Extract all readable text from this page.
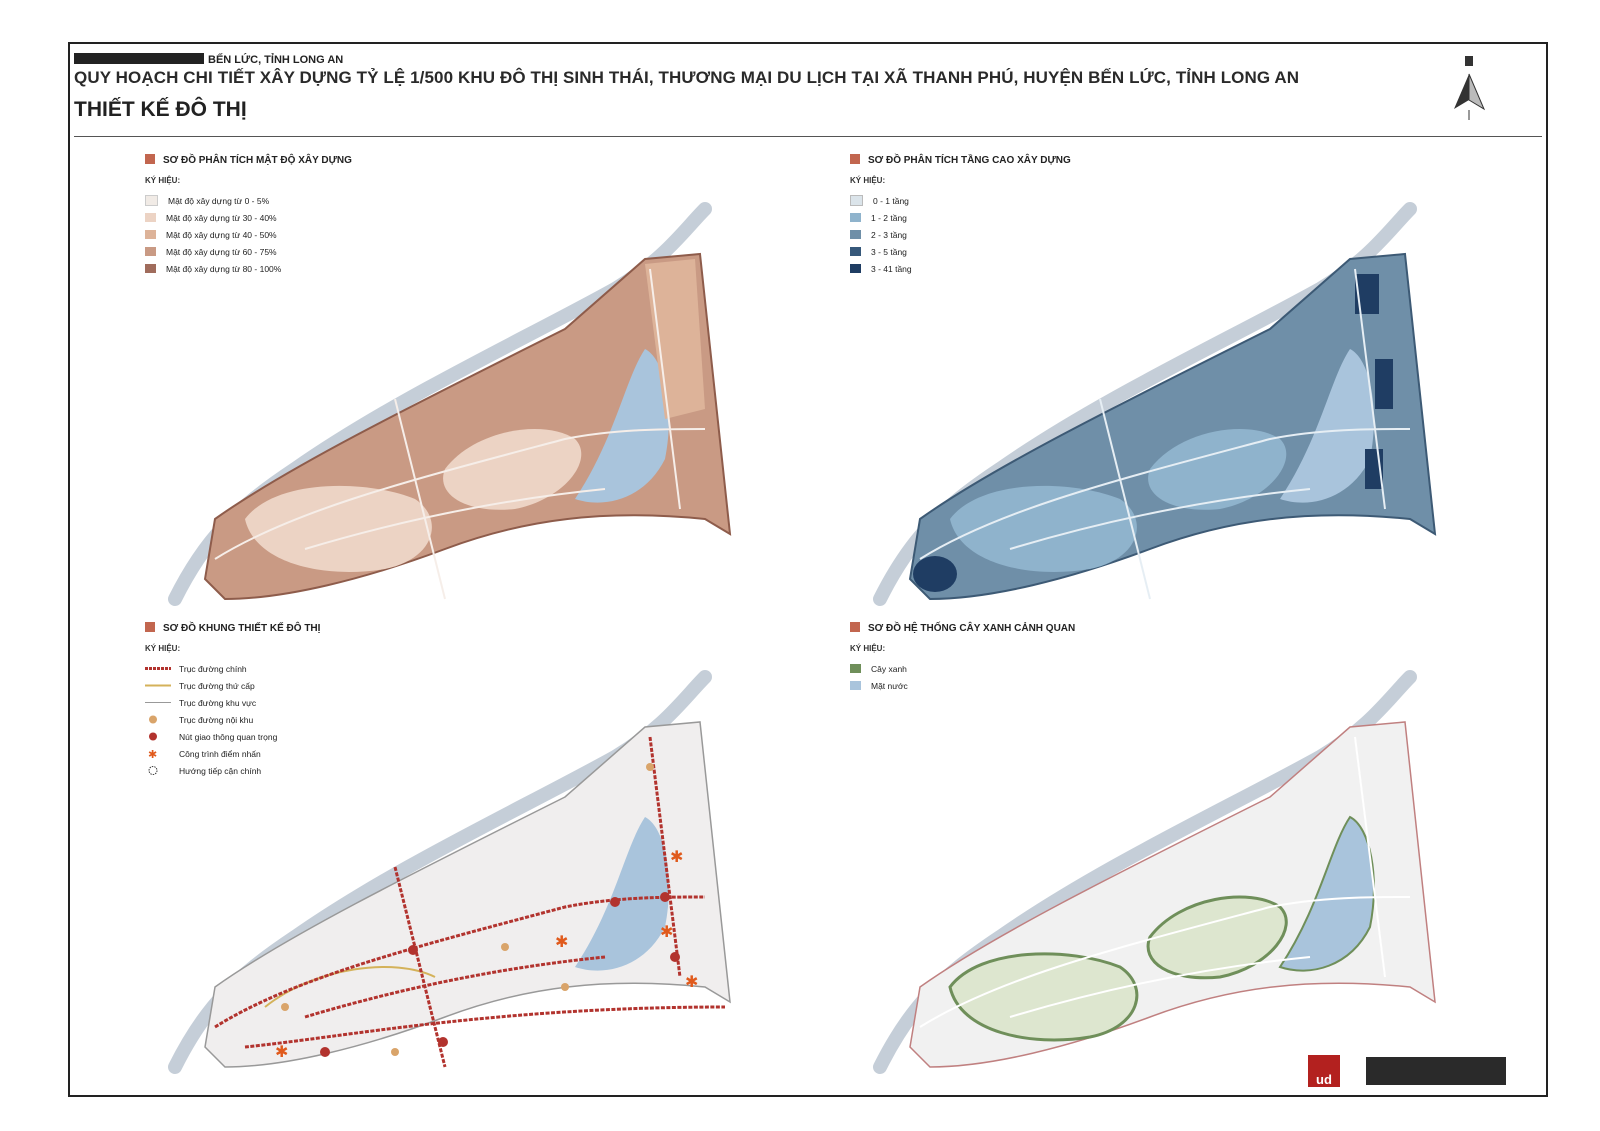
BẾN LỨC, TỈNH LONG AN
QUY HOẠCH CHI TIẾT XÂY DỰNG TỶ LỆ 1/500 KHU ĐÔ THỊ SINH THÁI, THƯƠNG MẠI DU LỊCH TẠI XÃ THANH PHÚ, HUYỆN BẾN LỨC, TỈNH LONG AN
THIẾT KẾ ĐÔ THỊ
SƠ ĐỒ PHÂN TÍCH MẬT ĐỘ XÂY DỰNG
KÝ HIỆU:
Mật độ xây dựng từ 0 - 5%
Mật độ xây dựng từ 30 - 40%
Mật độ xây dựng từ 40 - 50%
Mật độ xây dựng từ 60 - 75%
Mật độ xây dựng từ 80 - 100%
SƠ ĐỒ PHÂN TÍCH TẦNG CAO XÂY DỰNG
KÝ HIỆU:
0 - 1 tầng
1 - 2 tầng
2 - 3 tầng
3 - 5 tầng
3 - 41 tầng
SƠ ĐỒ KHUNG THIẾT KẾ ĐÔ THỊ
KÝ HIỆU:
Trục đường chính
Trục đường thứ cấp
Trục đường khu vực
Trục đường nội khu
Nút giao thông quan trọng
✱	Công trình điểm nhấn
Hướng tiếp cận chính
✱
✱
✱
✱
✱
SƠ ĐỒ HỆ THỐNG CÂY XANH CẢNH QUAN
KÝ HIỆU:
Cây xanh
Mặt nước
ud
